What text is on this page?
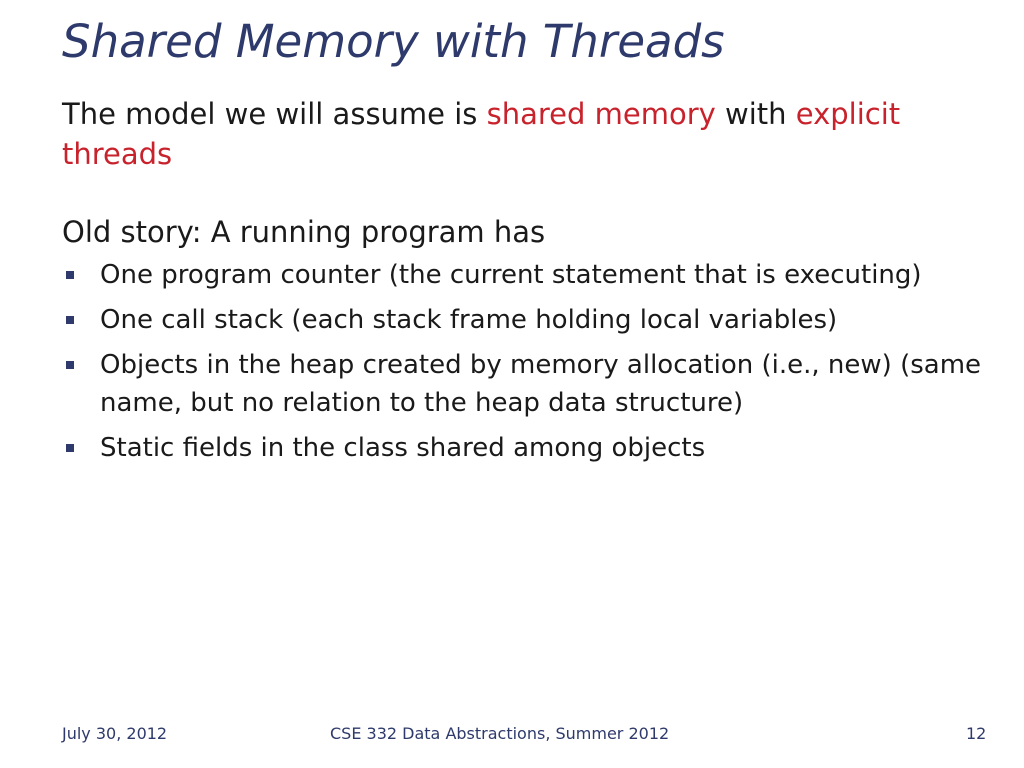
Shared Memory with Threads

The model we will assume is shared memory with explicit threads

Old story: A running program has

One program counter (the current statement that is executing)
One call stack (each stack frame holding local variables)
Objects in the heap created by memory allocation (i.e., new) (same name, but no relation to the heap data structure)
Static fields in the class shared among objects
July 30, 2012	CSE 332 Data Abstractions, Summer 2012	12
